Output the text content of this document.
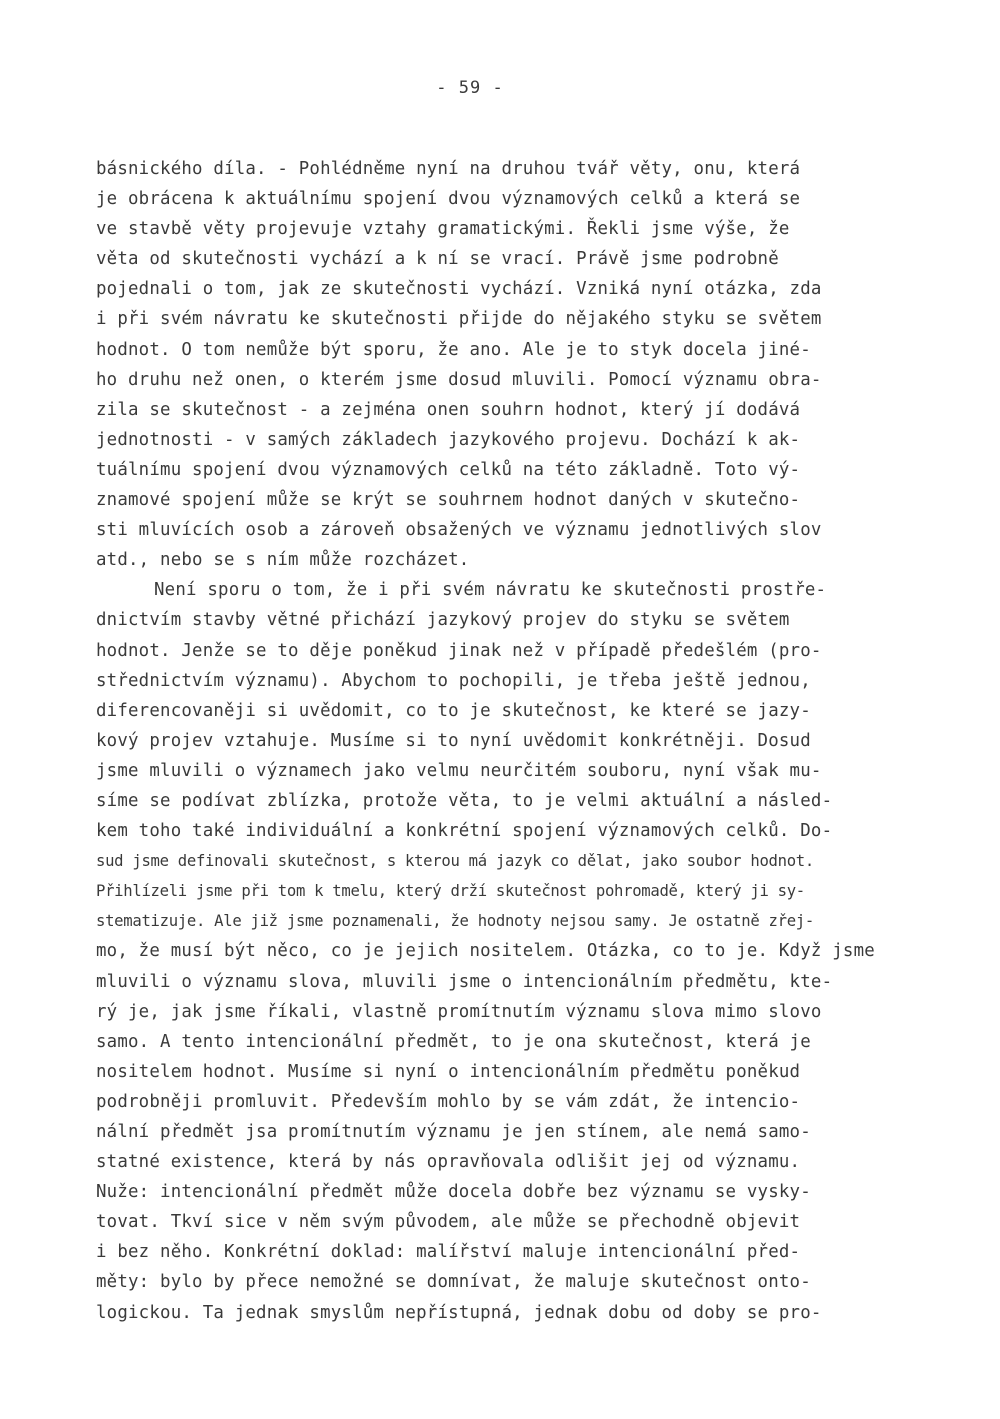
- 59 -
básnického díla. - Pohlédněme nyní na druhou tvář věty, onu, která
je obrácena k aktuálnímu spojení dvou významových celků a která se
ve stavbě věty projevuje vztahy gramatickými. Řekli jsme výše, že
věta od skutečnosti vychází a k ní se vrací. Právě jsme podrobně
pojednali o tom, jak ze skutečnosti vychází. Vzniká nyní otázka, zda
i při svém návratu ke skutečnosti přijde do nějakého styku se světem
hodnot. O tom nemůže být sporu, že ano. Ale je to styk docela jiné-
ho druhu než onen, o kterém jsme dosud mluvili. Pomocí významu obra-
zila se skutečnost - a zejména onen souhrn hodnot, který jí dodává
jednotnosti - v samých základech jazykového projevu. Dochází k ak-
tuálnímu spojení dvou významových celků na této základně. Toto vý-
znamové spojení může se krýt se souhrnem hodnot daných v skutečno-
sti mluvících osob a zároveň obsažených ve významu jednotlivých slov
atd., nebo se s ním může rozcházet.
Není sporu o tom, že i při svém návratu ke skutečnosti prostře-
dnictvím stavby větné přichází jazykový projev do styku se světem
hodnot. Jenže se to děje poněkud jinak než v případě předešlém (pro-
střednictvím významu). Abychom to pochopili, je třeba ještě jednou,
diferencovaněji si uvědomit, co to je skutečnost, ke které se jazy-
kový projev vztahuje. Musíme si to nyní uvědomit konkrétněji. Dosud
jsme mluvili o významech jako velmu neurčitém souboru, nyní však mu-
síme se podívat zblízka, protože věta, to je velmi aktuální a násled-
kem toho také individuální a konkrétní spojení významových celků. Do-
sud jsme definovali skutečnost, s kterou má jazyk co dělat, jako soubor hodnot.
Přihlízeli jsme při tom k tmelu, který drží skutečnost pohromadě, který ji sy-
stematizuje. Ale již jsme poznamenali, že hodnoty nejsou samy. Je ostatně zřej-
mo, že musí být něco, co je jejich nositelem. Otázka, co to je. Když jsme
mluvili o významu slova, mluvili jsme o intencionálním předmětu, kte-
rý je, jak jsme říkali, vlastně promítnutím významu slova mimo slovo
samo. A tento intencionální předmět, to je ona skutečnost, která je
nositelem hodnot. Musíme si nyní o intencionálním předmětu poněkud
podrobněji promluvit. Především mohlo by se vám zdát, že intencio-
nální předmět jsa promítnutím významu je jen stínem, ale nemá samo-
statné existence, která by nás opravňovala odlišit jej od významu.
Nuže: intencionální předmět může docela dobře bez významu se vysky-
tovat. Tkví sice v něm svým původem, ale může se přechodně objevit
i bez něho. Konkrétní doklad: malířství maluje intencionální před-
měty: bylo by přece nemožné se domnívat, že maluje skutečnost onto-
logickou. Ta jednak smyslům nepřístupná, jednak dobu od doby se pro-
